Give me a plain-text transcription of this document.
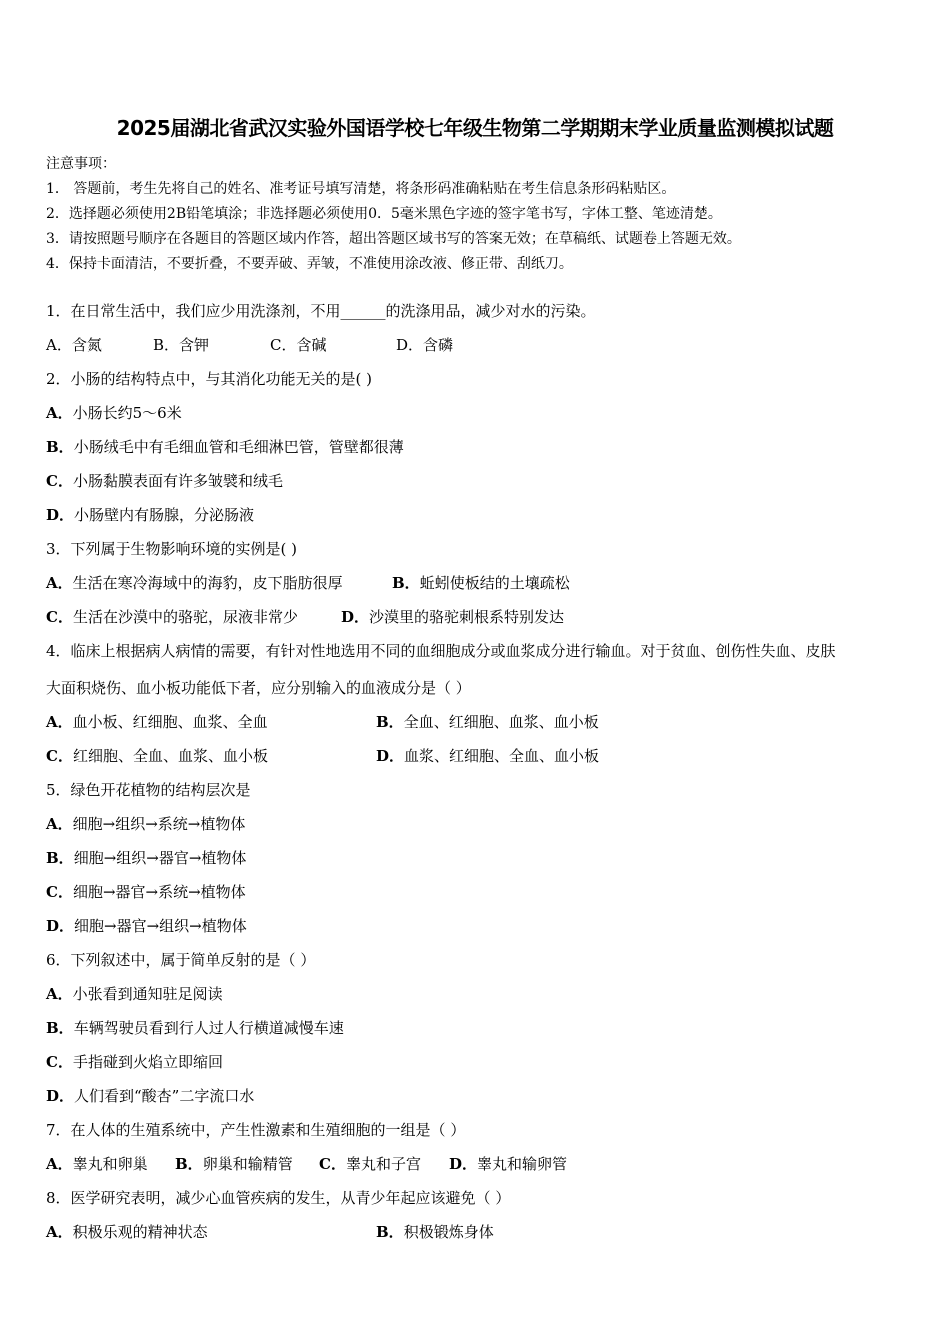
2025届湖北省武汉实验外国语学校七年级生物第二学期期末学业质量监测模拟试题
注意事项：
1． 答题前，考生先将自己的姓名、准考证号填写清楚，将条形码准确粘贴在考生信息条形码粘贴区。
2．选择题必须使用2B铅笔填涂；非选择题必须使用0．5毫米黑色字迹的签字笔书写，字体工整、笔迹清楚。
3．请按照题号顺序在各题目的答题区域内作答，超出答题区域书写的答案无效；在草稿纸、试题卷上答题无效。
4．保持卡面清洁，不要折叠，不要弄破、弄皱，不准使用涂改液、修正带、刮纸刀。
1．在日常生活中，我们应少用洗涤剂，不用______的洗涤用品，减少对水的污染。
A．含氮	B．含钾	C．含碱	D．含磷
2．小肠的结构特点中，与其消化功能无关的是( )
A．小肠长约5～6米
B．小肠绒毛中有毛细血管和毛细淋巴管，管壁都很薄
C．小肠黏膜表面有许多皱襞和绒毛
D．小肠壁内有肠腺，分泌肠液
3．下列属于生物影响环境的实例是( )
A．生活在寒冷海域中的海豹，皮下脂肪很厚	B．蚯蚓使板结的土壤疏松
C．生活在沙漠中的骆驼，尿液非常少	D．沙漠里的骆驼刺根系特别发达
4．临床上根据病人病情的需要，有针对性地选用不同的血细胞成分或血浆成分进行输血。对于贫血、创伤性失血、皮肤
大面积烧伤、血小板功能低下者，应分别输入的血液成分是（ ）
A．血小板、红细胞、血浆、全血	B．全血、红细胞、血浆、血小板
C．红细胞、全血、血浆、血小板	D．血浆、红细胞、全血、血小板
5．绿色开花植物的结构层次是
A．细胞→组织→系统→植物体
B．细胞→组织→器官→植物体
C．细胞→器官→系统→植物体
D．细胞→器官→组织→植物体
6．下列叙述中，属于简单反射的是（ ）
A．小张看到通知驻足阅读
B．车辆驾驶员看到行人过人行横道减慢车速
C．手指碰到火焰立即缩回
D．人们看到“酸杏”二字流口水
7．在人体的生殖系统中，产生性激素和生殖细胞的一组是（ ）
A．睾丸和卵巢 B．卵巢和输精管 C．睾丸和子宫 D．睾丸和输卵管
8．医学研究表明，减少心血管疾病的发生，从青少年起应该避免（ ）
A．积极乐观的精神状态	B．积极锻炼身体
